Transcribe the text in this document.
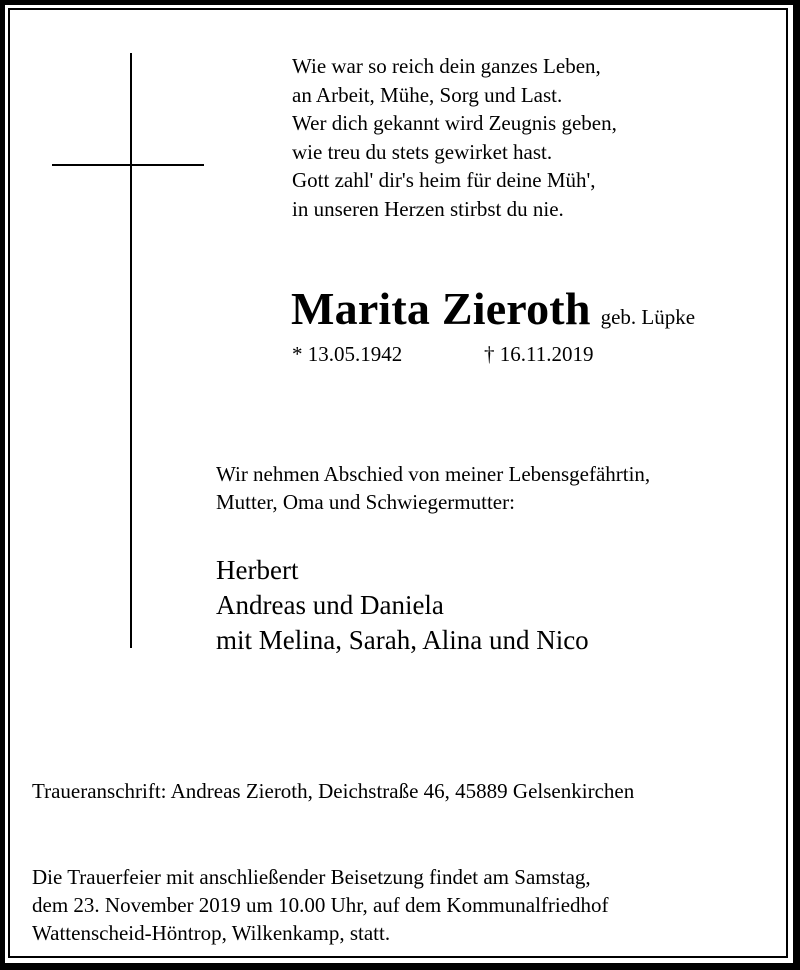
Wie war so reich dein ganzes Leben,
an Arbeit, Mühe, Sorg und Last.
Wer dich gekannt wird Zeugnis geben,
wie treu du stets gewirket hast.
Gott zahl' dir's heim für deine Müh',
in unseren Herzen stirbst du nie.
Marita Zieroth geb. Lüpke
* 13.05.1942	† 16.11.2019
Wir nehmen Abschied von meiner Lebensgefährtin,
Mutter, Oma und Schwiegermutter:
Herbert
Andreas und Daniela
mit Melina, Sarah, Alina und Nico
Traueranschrift: Andreas Zieroth, Deichstraße 46, 45889 Gelsenkirchen
Die Trauerfeier mit anschließender Beisetzung findet am Samstag,
dem 23. November 2019 um 10.00 Uhr, auf dem Kommunalfriedhof
Wattenscheid-Höntrop, Wilkenkamp, statt.
